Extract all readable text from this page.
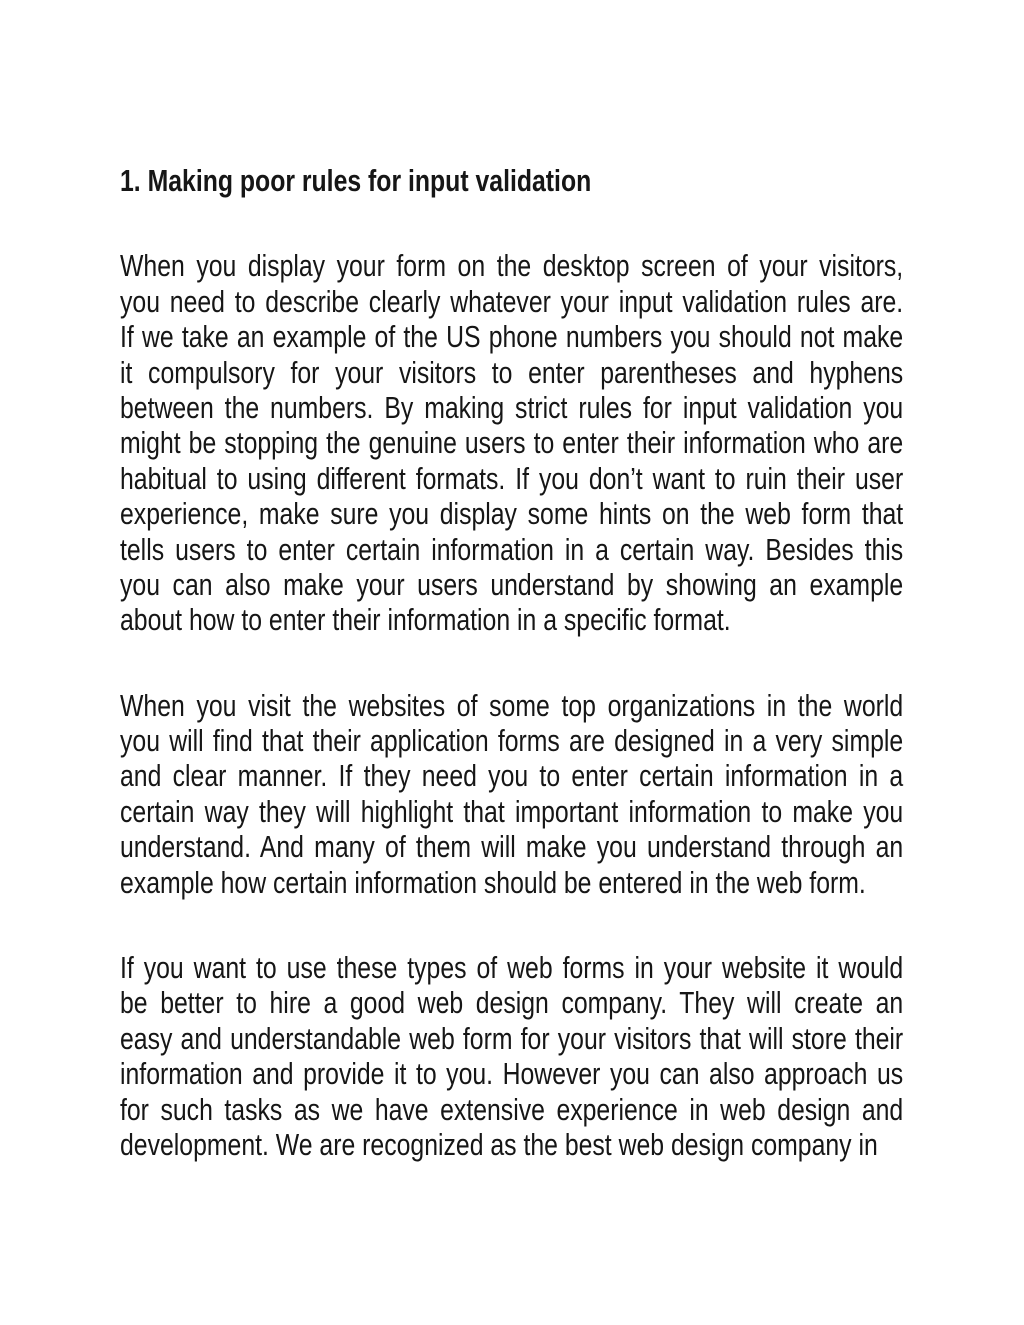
1. Making poor rules for input validation
When you display your form on the desktop screen of your visitors,
you need to describe clearly whatever your input validation rules are.
If we take an example of the US phone numbers you should not make
it compulsory for your visitors to enter parentheses and hyphens
between the numbers. By making strict rules for input validation you
might be stopping the genuine users to enter their information who are
habitual to using different formats. If you don’t want to ruin their user
experience, make sure you display some hints on the web form that
tells users to enter certain information in a certain way. Besides this
you can also make your users understand by showing an example
about how to enter their information in a specific format.
When you visit the websites of some top organizations in the world
you will find that their application forms are designed in a very simple
and clear manner. If they need you to enter certain information in a
certain way they will highlight that important information to make you
understand. And many of them will make you understand through an
example how certain information should be entered in the web form.
If you want to use these types of web forms in your website it would
be better to hire a good web design company. They will create an
easy and understandable web form for your visitors that will store their
information and provide it to you. However you can also approach us
for such tasks as we have extensive experience in web design and
development. We are recognized as the best web design company in
